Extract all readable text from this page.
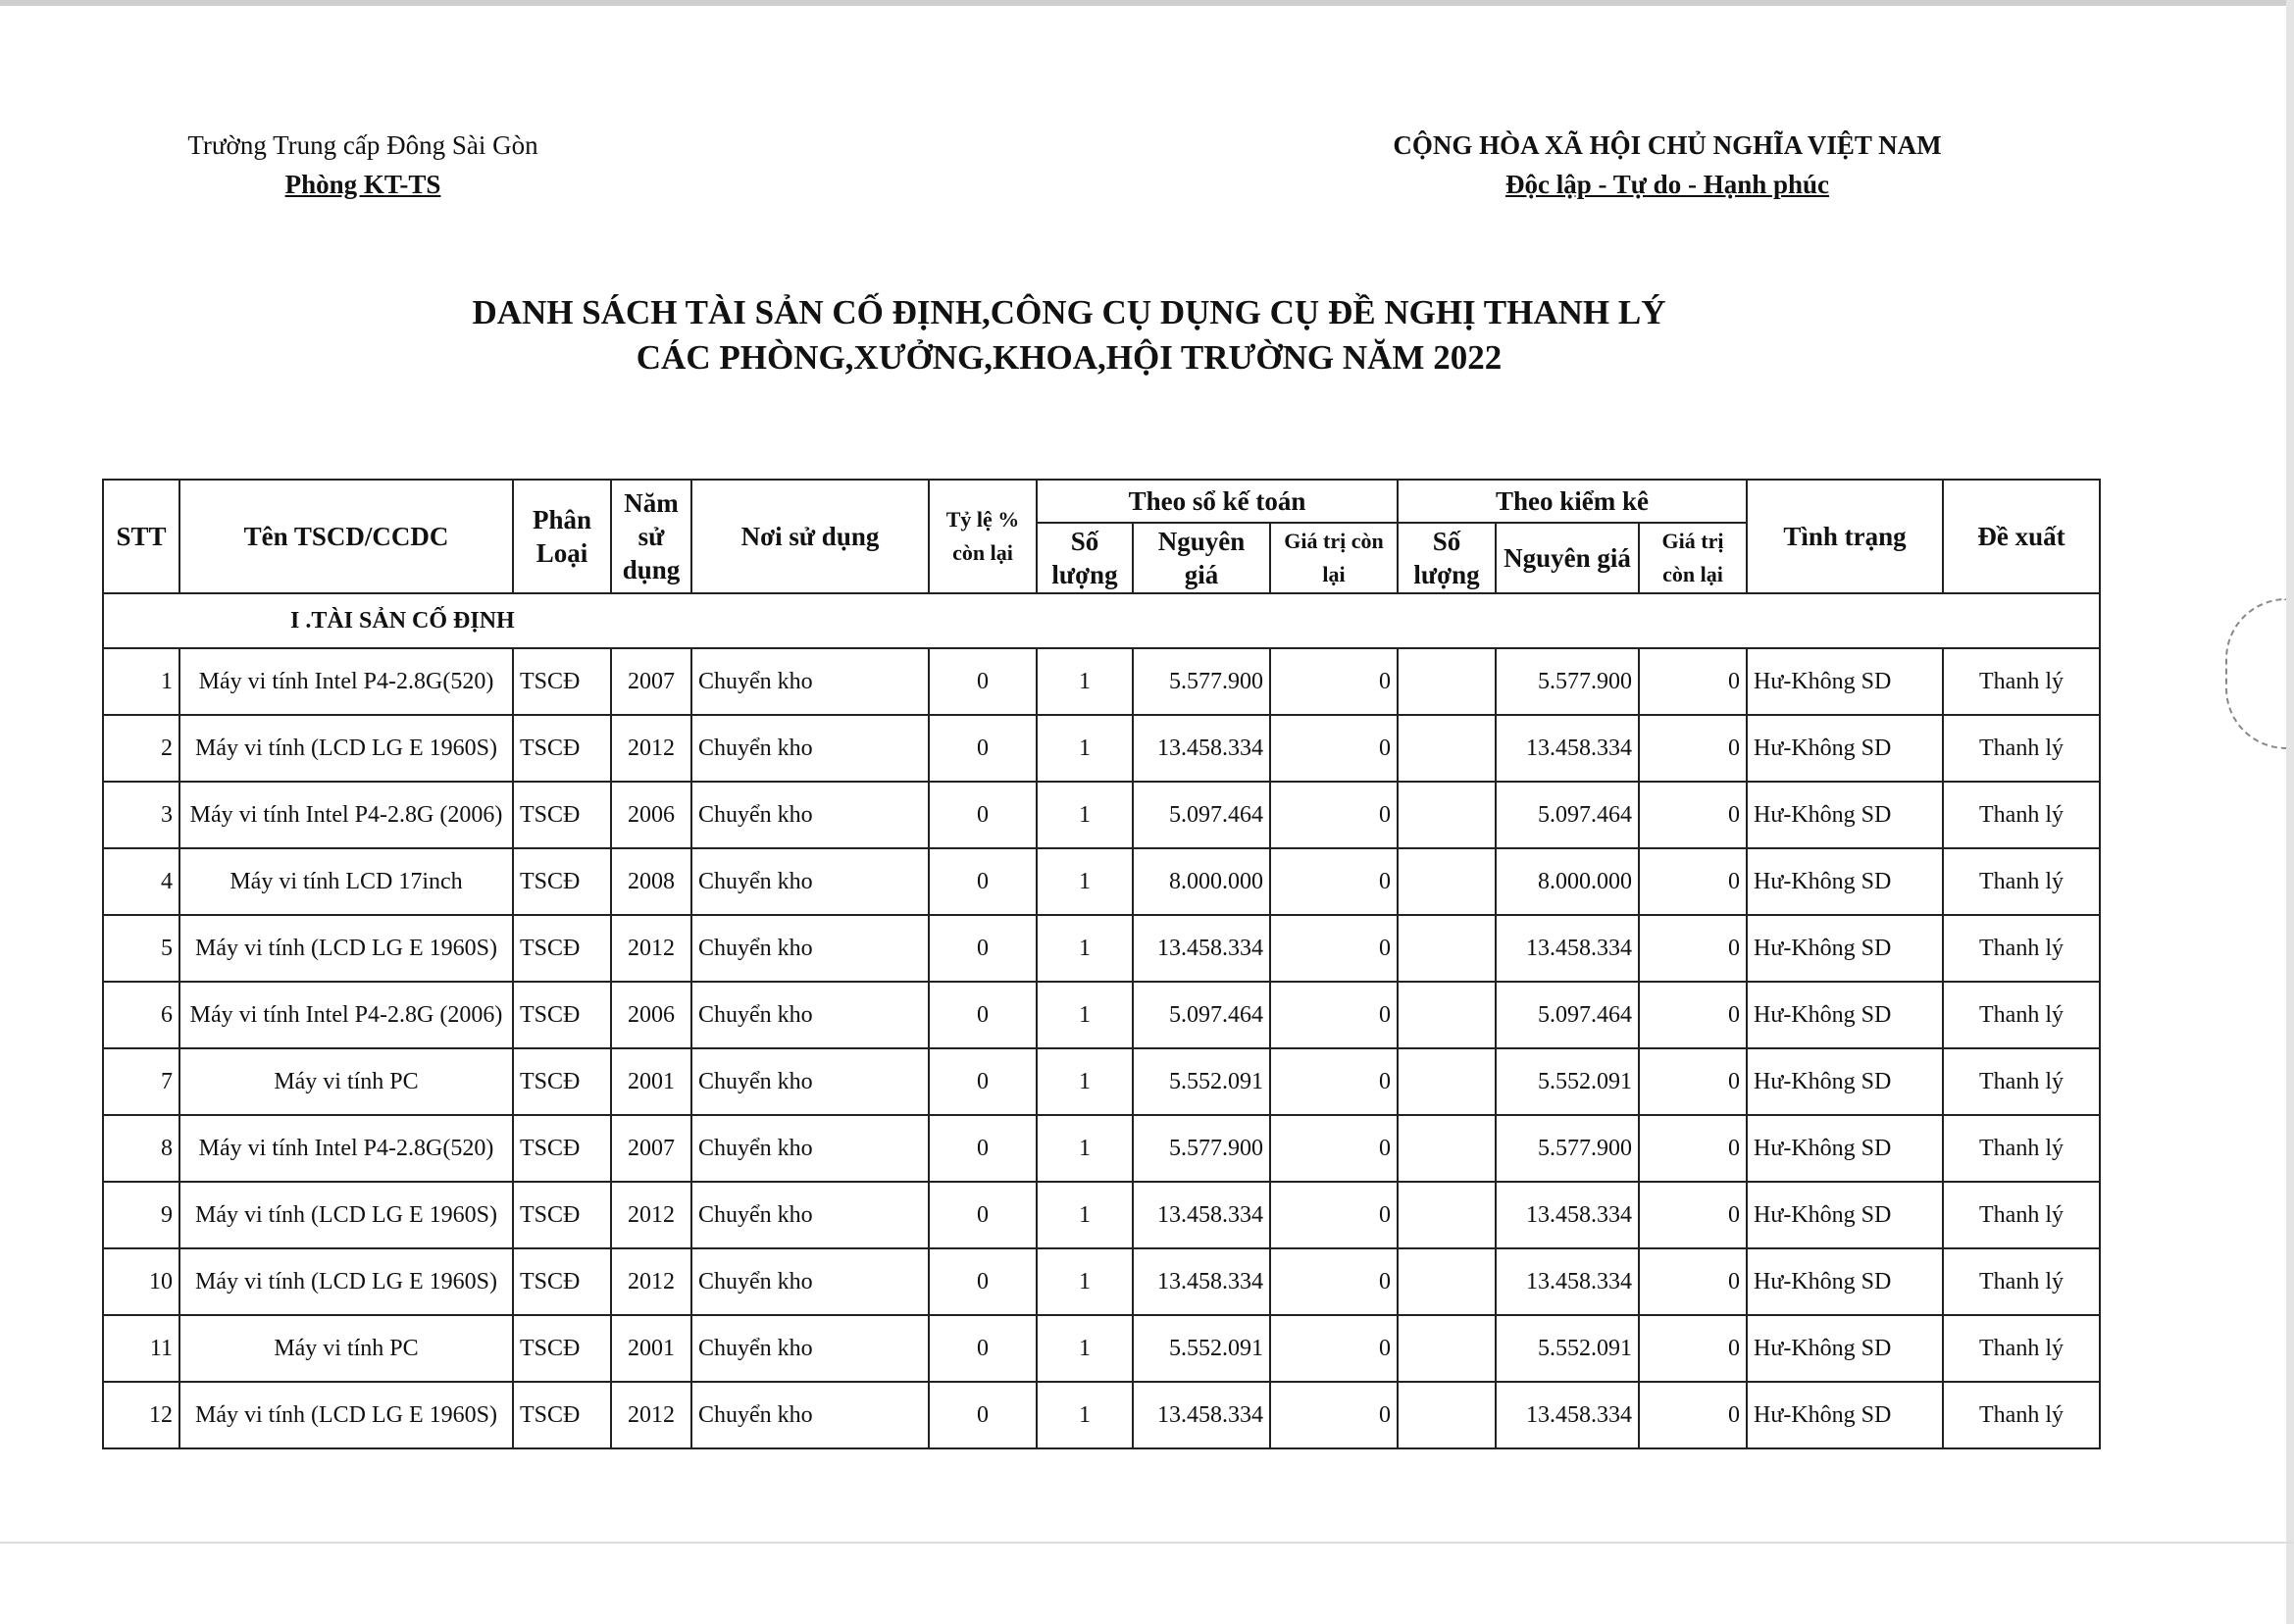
Trường Trung cấp Đông Sài Gòn
Phòng KT-TS
CỘNG HÒA XÃ HỘI CHỦ NGHĨA VIỆT NAM
Độc lập - Tự do - Hạnh phúc
DANH SÁCH TÀI SẢN CỐ ĐỊNH,CÔNG CỤ DỤNG CỤ ĐỀ NGHỊ THANH LÝ
CÁC PHÒNG,XƯỞNG,KHOA,HỘI TRƯỜNG NĂM 2022
STT	Tên TSCD/CCDC	Phân Loại	Năm sử dụng	Nơi sử dụng	Tỷ lệ % còn lại	Theo sổ kế toán			Theo kiểm kê			Tình trạng	Đề xuất
						Số lượng	Nguyên giá	Giá trị còn lại	Số lượng	Nguyên giá	Giá trị còn lại		
I .TÀI SẢN CỐ ĐỊNH													
1	Máy vi tính Intel P4-2.8G(520)	TSCĐ	2007	Chuyển kho	0	1	5.577.900	0		5.577.900	0	Hư-Không SD	Thanh lý
2	Máy vi tính (LCD LG E 1960S)	TSCĐ	2012	Chuyển kho	0	1	13.458.334	0		13.458.334	0	Hư-Không SD	Thanh lý
3	Máy vi tính Intel P4-2.8G (2006)	TSCĐ	2006	Chuyển kho	0	1	5.097.464	0		5.097.464	0	Hư-Không SD	Thanh lý
4	Máy vi tính LCD 17inch	TSCĐ	2008	Chuyển kho	0	1	8.000.000	0		8.000.000	0	Hư-Không SD	Thanh lý
5	Máy vi tính (LCD LG E 1960S)	TSCĐ	2012	Chuyển kho	0	1	13.458.334	0		13.458.334	0	Hư-Không SD	Thanh lý
6	Máy vi tính Intel P4-2.8G (2006)	TSCĐ	2006	Chuyển kho	0	1	5.097.464	0		5.097.464	0	Hư-Không SD	Thanh lý
7	Máy vi tính PC	TSCĐ	2001	Chuyển kho	0	1	5.552.091	0		5.552.091	0	Hư-Không SD	Thanh lý
8	Máy vi tính Intel P4-2.8G(520)	TSCĐ	2007	Chuyển kho	0	1	5.577.900	0		5.577.900	0	Hư-Không SD	Thanh lý
9	Máy vi tính (LCD LG E 1960S)	TSCĐ	2012	Chuyển kho	0	1	13.458.334	0		13.458.334	0	Hư-Không SD	Thanh lý
10	Máy vi tính (LCD LG E 1960S)	TSCĐ	2012	Chuyển kho	0	1	13.458.334	0		13.458.334	0	Hư-Không SD	Thanh lý
11	Máy vi tính PC	TSCĐ	2001	Chuyển kho	0	1	5.552.091	0		5.552.091	0	Hư-Không SD	Thanh lý
12	Máy vi tính (LCD LG E 1960S)	TSCĐ	2012	Chuyển kho	0	1	13.458.334	0		13.458.334	0	Hư-Không SD	Thanh lý
